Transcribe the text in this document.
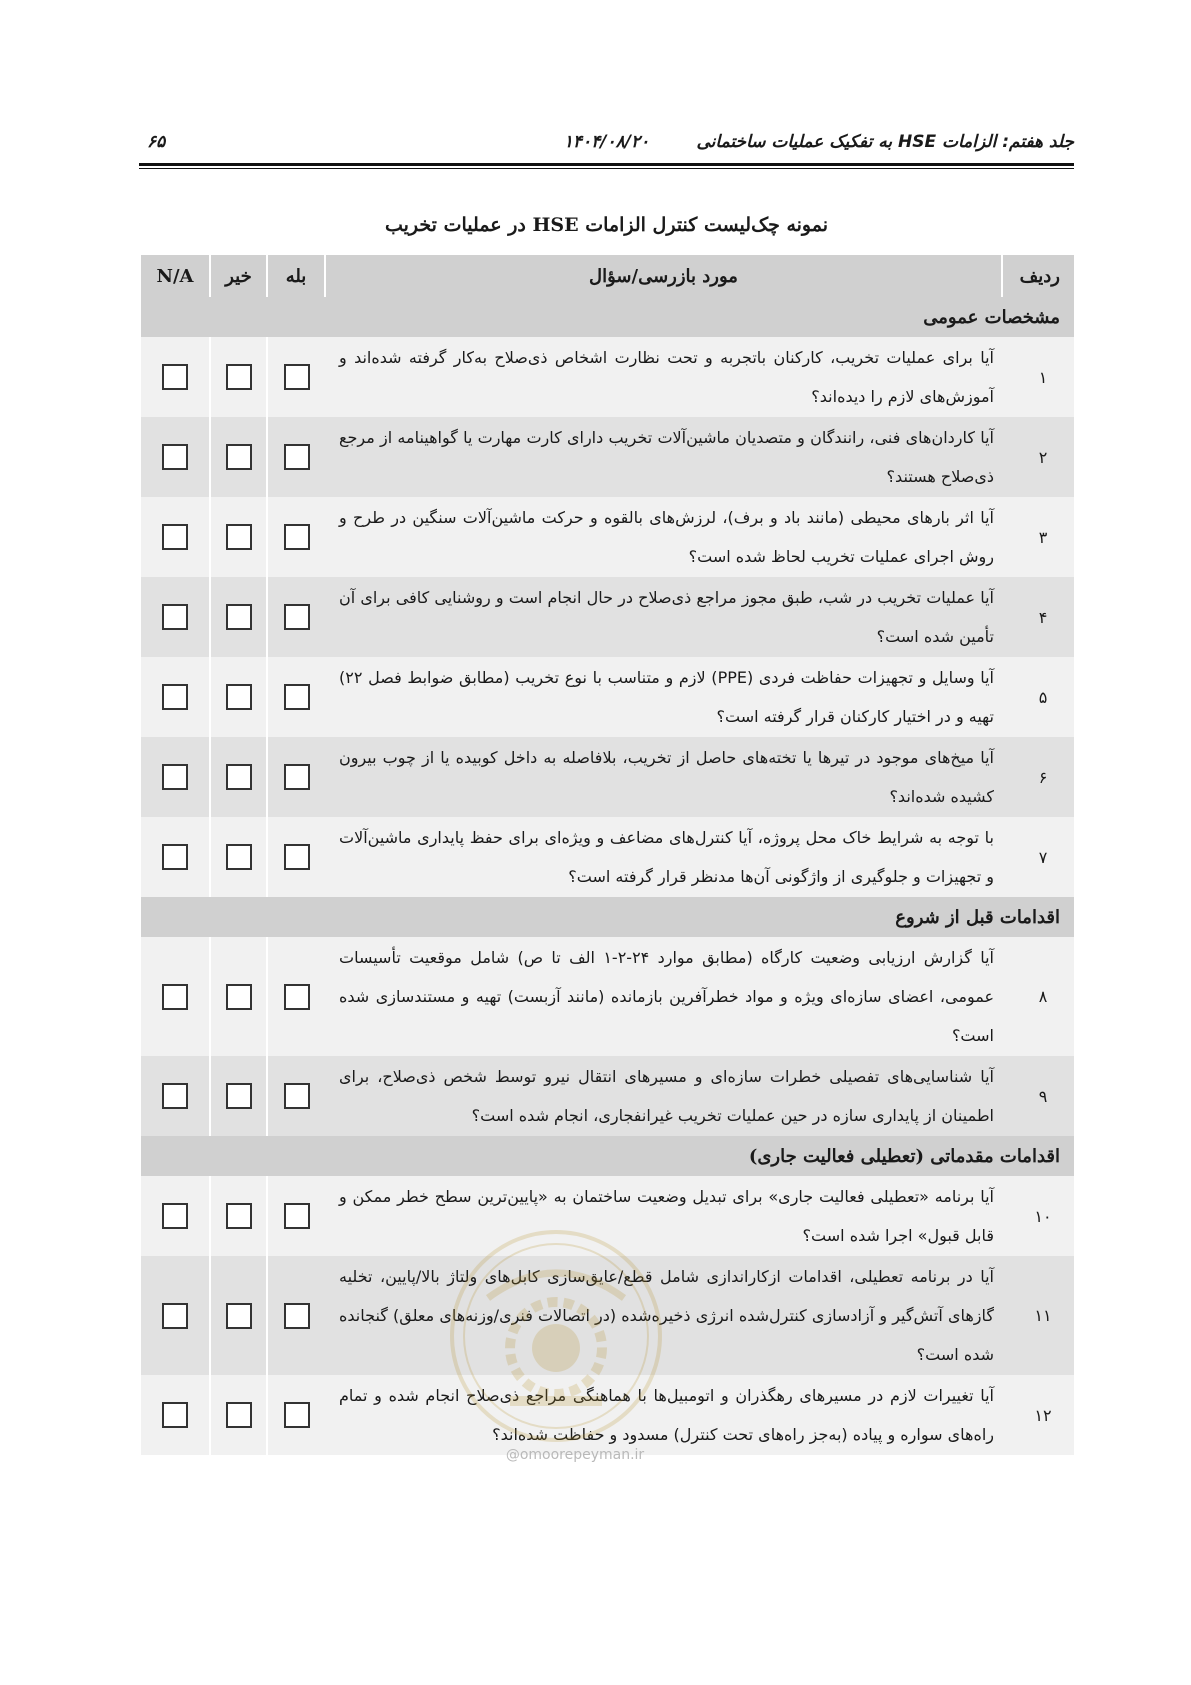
جلد هفتم: الزامات HSE به تفکیک عملیات ساختمانی
۱۴۰۴/۰۸/۲۰
۶۵
نمونه چک‌لیست کنترل الزامات HSE در عملیات تخریب
ردیف	مورد بازرسی/سؤال	بله	خیر	N/A
مشخصات عمومی				
۱	آیا برای عملیات تخریب، کارکنان باتجربه و تحت نظارت اشخاص ذی‌صلاح به‌کار گرفته شده‌اند و آموزش‌های لازم را دیده‌اند؟			

۲	آیا کاردان‌های فنی، رانندگان و متصدیان ماشین‌آلات تخریب دارای کارت مهارت یا گواهینامه از مرجع ذی‌صلاح هستند؟			

۳	آیا اثر بارهای محیطی (مانند باد و برف)، لرزش‌های بالقوه و حرکت ماشین‌آلات سنگین در طرح و روش اجرای عملیات تخریب لحاظ شده است؟			

۴	آیا عملیات تخریب در شب، طبق مجوز مراجع ذی‌صلاح در حال انجام است و روشنایی کافی برای آن تأمین شده است؟			

۵	آیا وسایل و تجهیزات حفاظت فردی (PPE) لازم و متناسب با نوع تخریب (مطابق ضوابط فصل ۲۲) تهیه و در اختیار کارکنان قرار گرفته است؟			

۶	آیا میخ‌های موجود در تیرها یا تخته‌های حاصل از تخریب، بلافاصله به داخل کوبیده یا از چوب بیرون کشیده شده‌اند؟			

۷	با توجه به شرایط خاک محل پروژه، آیا کنترل‌های مضاعف و ویژه‌ای برای حفظ پایداری ماشین‌آلات و تجهیزات و جلوگیری از واژگونی آن‌ها مدنظر قرار گرفته است؟			

اقدامات قبل از شروع				
۸	آیا گزارش ارزیابی وضعیت کارگاه (مطابق موارد ۲۴-۲-۱ الف تا ص) شامل موقعیت تأسیسات عمومی، اعضای سازه‌ای ویژه و مواد خطرآفرین بازمانده (مانند آزبست) تهیه و مستندسازی شده است؟			

۹	آیا شناسایی‌های تفصیلی خطرات سازه‌ای و مسیرهای انتقال نیرو توسط شخص ذی‌صلاح، برای اطمینان از پایداری سازه در حین عملیات تخریب غیرانفجاری، انجام شده است؟			

اقدامات مقدماتی (تعطیلی فعالیت جاری)				
۱۰	آیا برنامه «تعطیلی فعالیت جاری» برای تبدیل وضعیت ساختمان به «پایین‌ترین سطح خطر ممکن و قابل قبول» اجرا شده است؟			

۱۱	آیا در برنامه تعطیلی، اقدامات ازکاراندازی شامل قطع/عایق‌سازی کابل‌های ولتاژ بالا/پایین، تخلیه گازهای آتش‌گیر و آزادسازی کنترل‌شده انرژی ذخیره‌شده (در اتصالات فنری/وزنه‌های معلق) گنجانده شده است؟			

۱۲	آیا تغییرات لازم در مسیرهای رهگذران و اتومبیل‌ها با هماهنگی مراجع ذی‌صلاح انجام شده و تمام راه‌های سواره و پیاده (به‌جز راه‌های تحت کنترل) مسدود و حفاظت شده‌اند؟			

@omoorepeyman.ir
